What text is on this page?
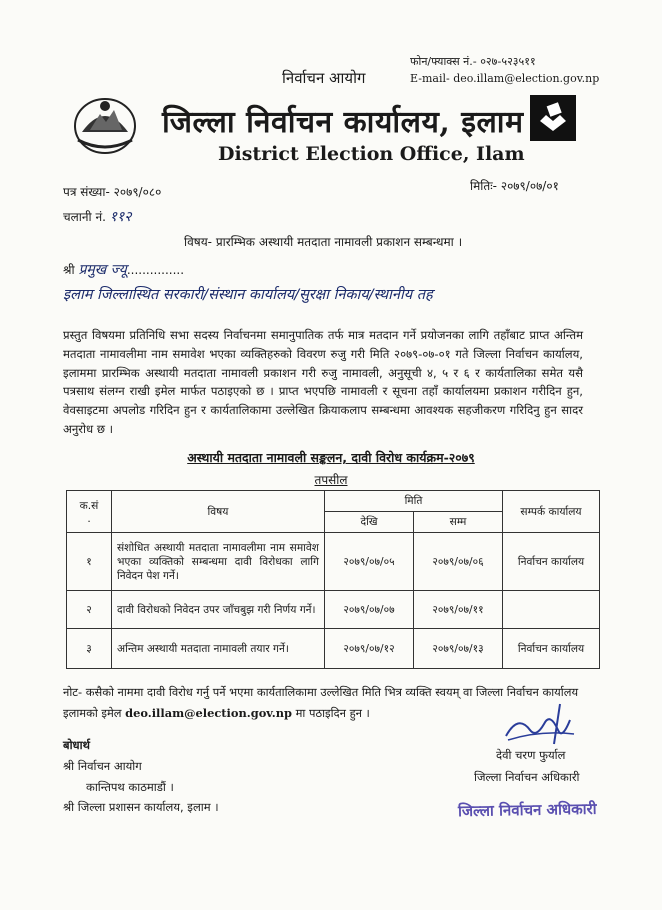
निर्वाचन आयोग
फोन/फ्याक्स नं.- ०२७-५२३५११
E-mail- deo.illam@election.gov.np
जिल्ला निर्वाचन कार्यालय, इलाम
District Election Office, Ilam
पत्र संख्या- २०७९/०८०
चलानी नं. ११२
मितिः- २०७९/०७/०१
विषय- प्रारम्भिक अस्थायी मतदाता नामावली प्रकाशन सम्बन्धमा ।
श्री प्रमुख ज्यू...............
इलाम जिल्लास्थित सरकारी/संस्थान कार्यालय/सुरक्षा निकाय/स्थानीय तह
प्रस्तुत विषयमा प्रतिनिधि सभा सदस्य निर्वाचनमा समानुपातिक तर्फ मात्र मतदान गर्ने प्रयोजनका लागि तहाँबाट प्राप्त अन्तिम मतदाता नामावलीमा नाम समावेश भएका व्यक्तिहरुको विवरण रुजु गरी मिति २०७९-०७-०१ गते जिल्ला निर्वाचन कार्यालय, इलाममा प्रारम्भिक अस्थायी मतदाता नामावली प्रकाशन गरी रुजु नामावली, अनुसूची ४, ५ र ६ र कार्यतालिका समेत यसै पत्रसाथ संलग्न राखी इमेल मार्फत पठाइएको छ । प्राप्त भएपछि नामावली र सूचना तहाँ कार्यालयमा प्रकाशन गरीदिन हुन, वेवसाइटमा अपलोड गरिदिन हुन र कार्यतालिकामा उल्लेखित क्रियाकलाप सम्बन्धमा आवश्यक सहजीकरण गरिदिनु हुन सादर अनुरोध छ ।
अस्थायी मतदाता नामावली सङ्कलन, दावी विरोध कार्यक्रम-२०७९
तपसील
क.सं
.	विषय	मिति		सम्पर्क कार्यालय
		देखि	सम्म	
१	संशोधित अस्थायी मतदाता नामावलीमा नाम समावेश भएका व्यक्तिको सम्बन्धमा दावी विरोधका लागि निवेदन पेश गर्ने।	२०७९/०७/०५	२०७९/०७/०६	निर्वाचन कार्यालय
२	दावी विरोधको निवेदन उपर जाँचबुझ गरी निर्णय गर्ने।	२०७९/०७/०७	२०७९/०७/११	
३	अन्तिम अस्थायी मतदाता नामावली तयार गर्ने।	२०७९/०७/१२	२०७९/०७/१३	निर्वाचन कार्यालय
नोट- कसैको नाममा दावी विरोध गर्नु पर्ने भएमा कार्यतालिकामा उल्लेखित मिति भित्र व्यक्ति स्वयम् वा जिल्ला निर्वाचन कार्यालय इलामको इमेल deo.illam@election.gov.np मा पठाइदिन हुन ।
बोधार्थ
श्री निर्वाचन आयोग
कान्तिपथ काठमाडौं ।
श्री जिल्ला प्रशासन कार्यालय, इलाम ।
देवी चरण फुर्याल
जिल्ला निर्वाचन अधिकारी
जिल्ला निर्वाचन अधिकारी
